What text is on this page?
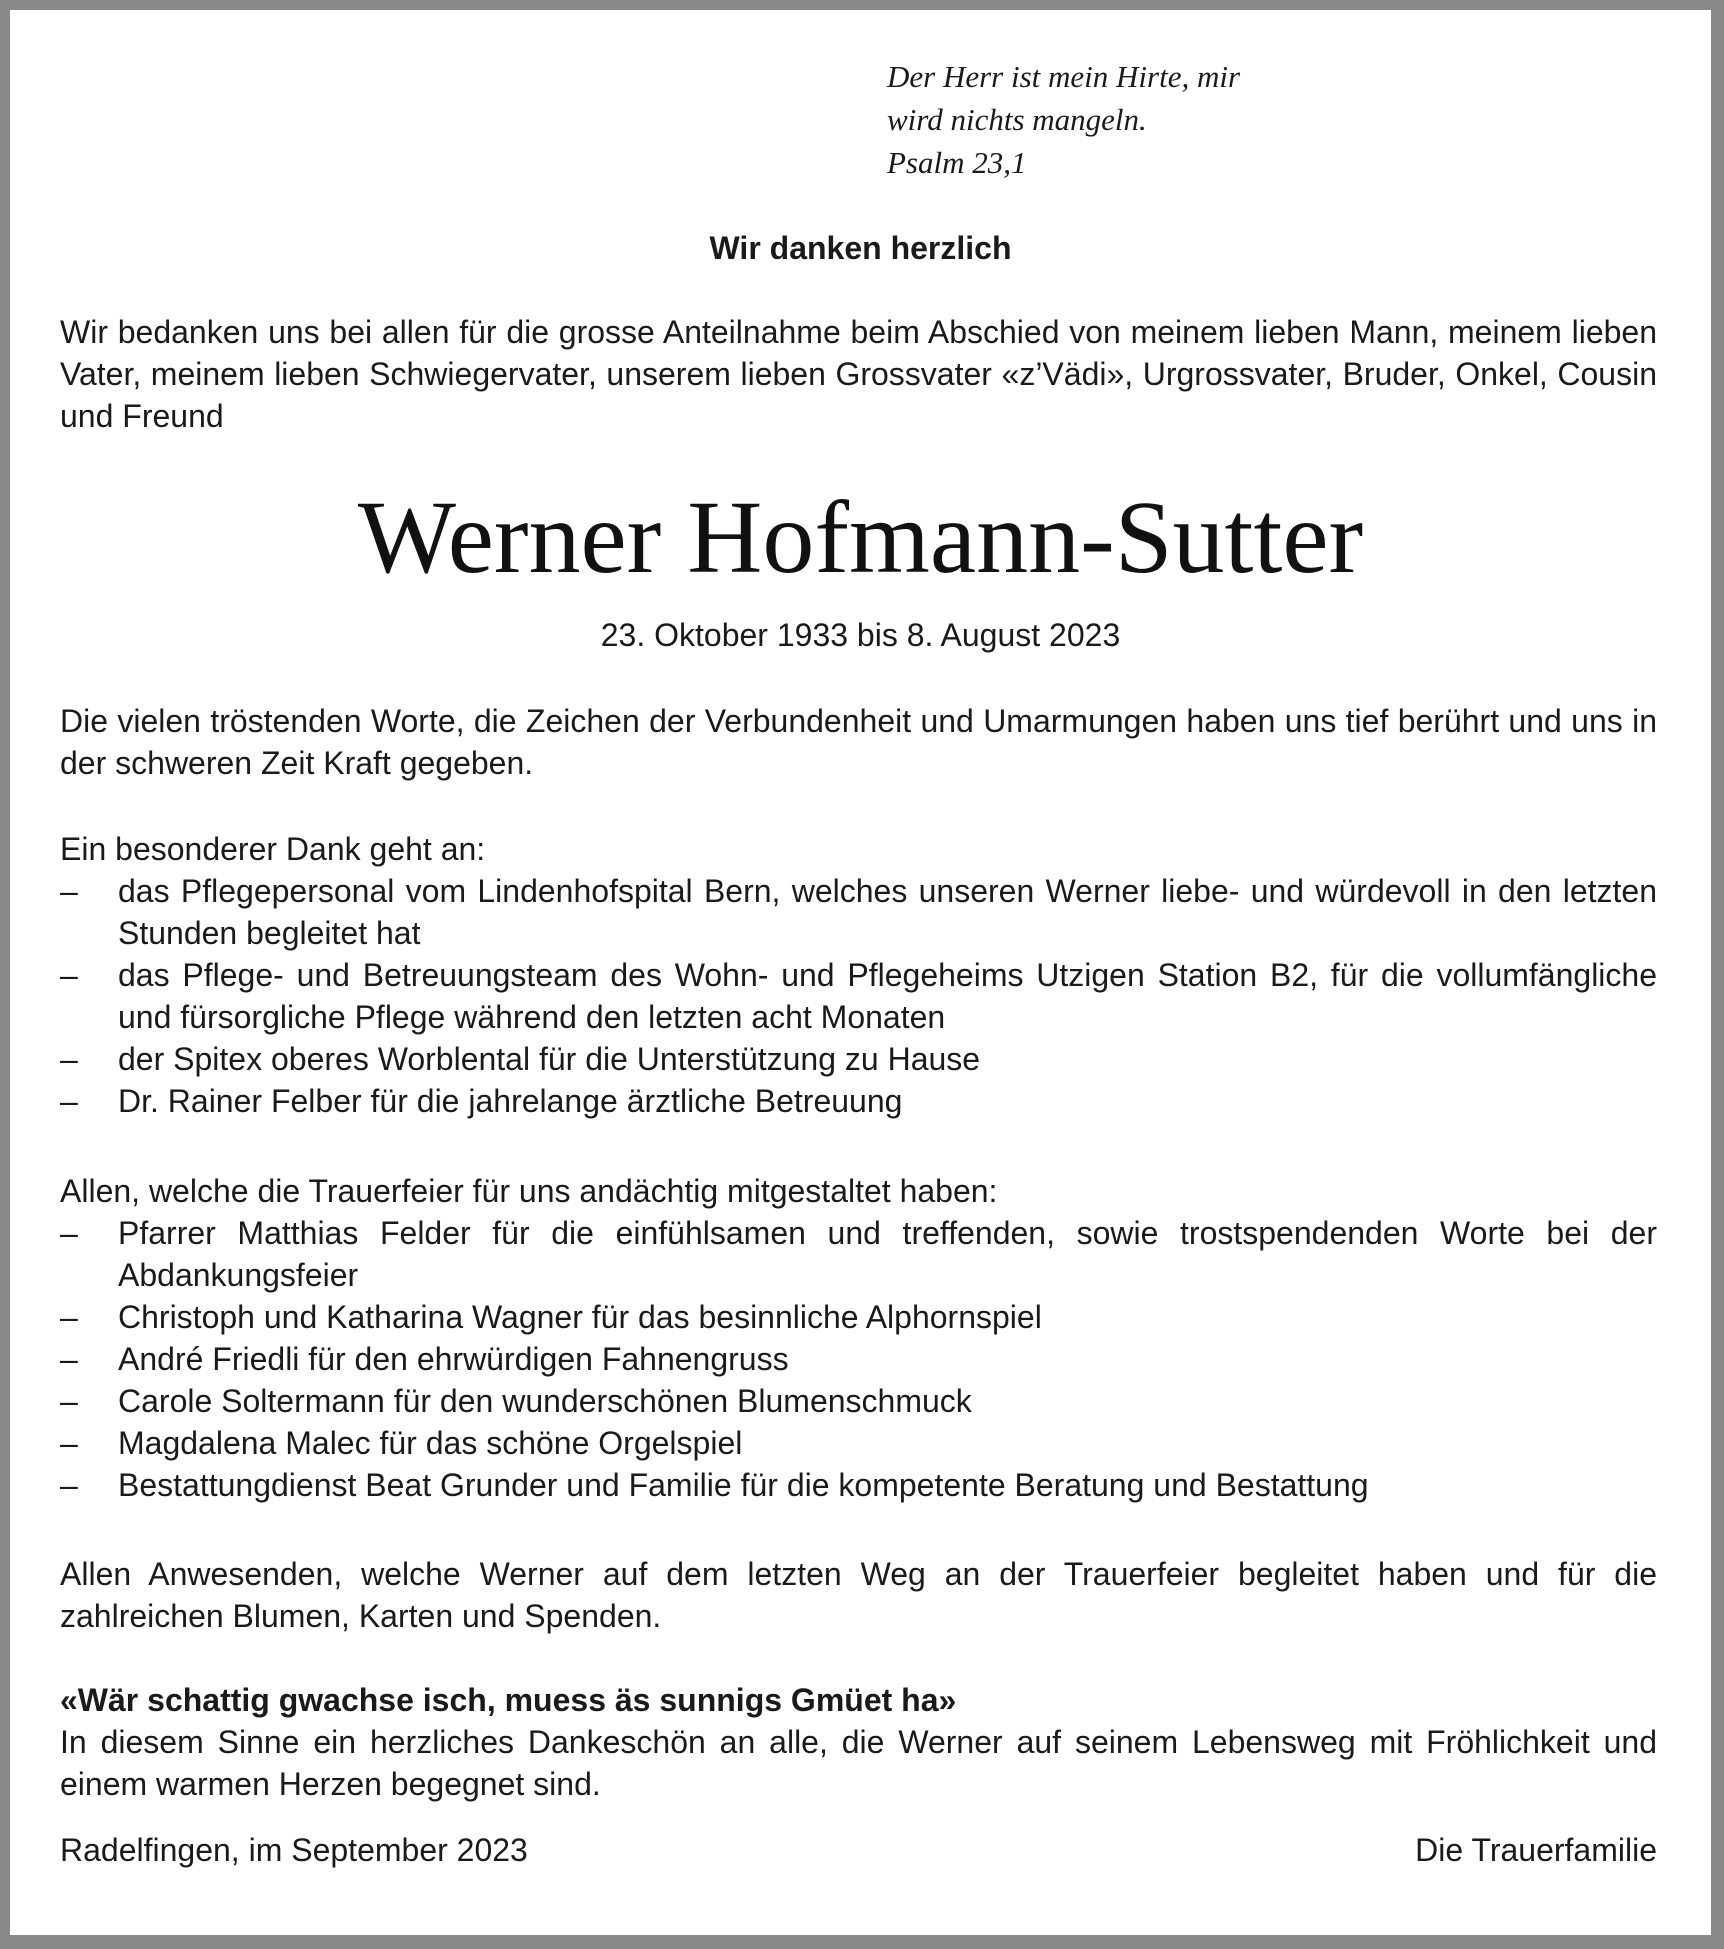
Der Herr ist mein Hirte, mir
wird nichts mangeln.
Psalm 23,1
Wir danken herzlich

Wir bedanken uns bei allen für die grosse Anteilnahme beim Abschied von meinem lieben Mann, meinem lieben Vater, meinem lieben Schwiegervater, unserem lieben Grossvater «z’Vädi», Urgrossvater, Bruder, Onkel, Cousin und Freund

Werner Hofmann-Sutter
23. Oktober 1933 bis 8. August 2023

Die vielen tröstenden Worte, die Zeichen der Verbundenheit und Umarmungen haben uns tief berührt und uns in der schweren Zeit Kraft gegeben.

Ein besonderer Dank geht an:

– das Pflegepersonal vom Lindenhofspital Bern, welches unseren Werner liebe- und würdevoll in den letzten Stunden begleitet hat
– das Pflege- und Betreuungsteam des Wohn- und Pflegeheims Utzigen Station B2, für die vollumfängliche und fürsorgliche Pflege während den letzten acht Monaten
– der Spitex oberes Worblental für die Unterstützung zu Hause
– Dr. Rainer Felber für die jahrelange ärztliche Betreuung

Allen, welche die Trauerfeier für uns andächtig mitgestaltet haben:

– Pfarrer Matthias Felder für die einfühlsamen und treffenden, sowie trostspendenden Worte bei der Abdankungsfeier
– Christoph und Katharina Wagner für das besinnliche Alphornspiel
– André Friedli für den ehrwürdigen Fahnengruss
– Carole Soltermann für den wunderschönen Blumenschmuck
– Magdalena Malec für das schöne Orgelspiel
– Bestattungdienst Beat Grunder und Familie für die kompetente Beratung und Bestattung

Allen Anwesenden, welche Werner auf dem letzten Weg an der Trauerfeier begleitet haben und für die zahlreichen Blumen, Karten und Spenden.

«Wär schattig gwachse isch, muess äs sunnigs Gmüet ha»

In diesem Sinne ein herzliches Dankeschön an alle, die Werner auf seinem Lebensweg mit Fröhlichkeit und einem warmen Herzen begegnet sind.

Radelfingen, im September 2023	Die Trauerfamilie
